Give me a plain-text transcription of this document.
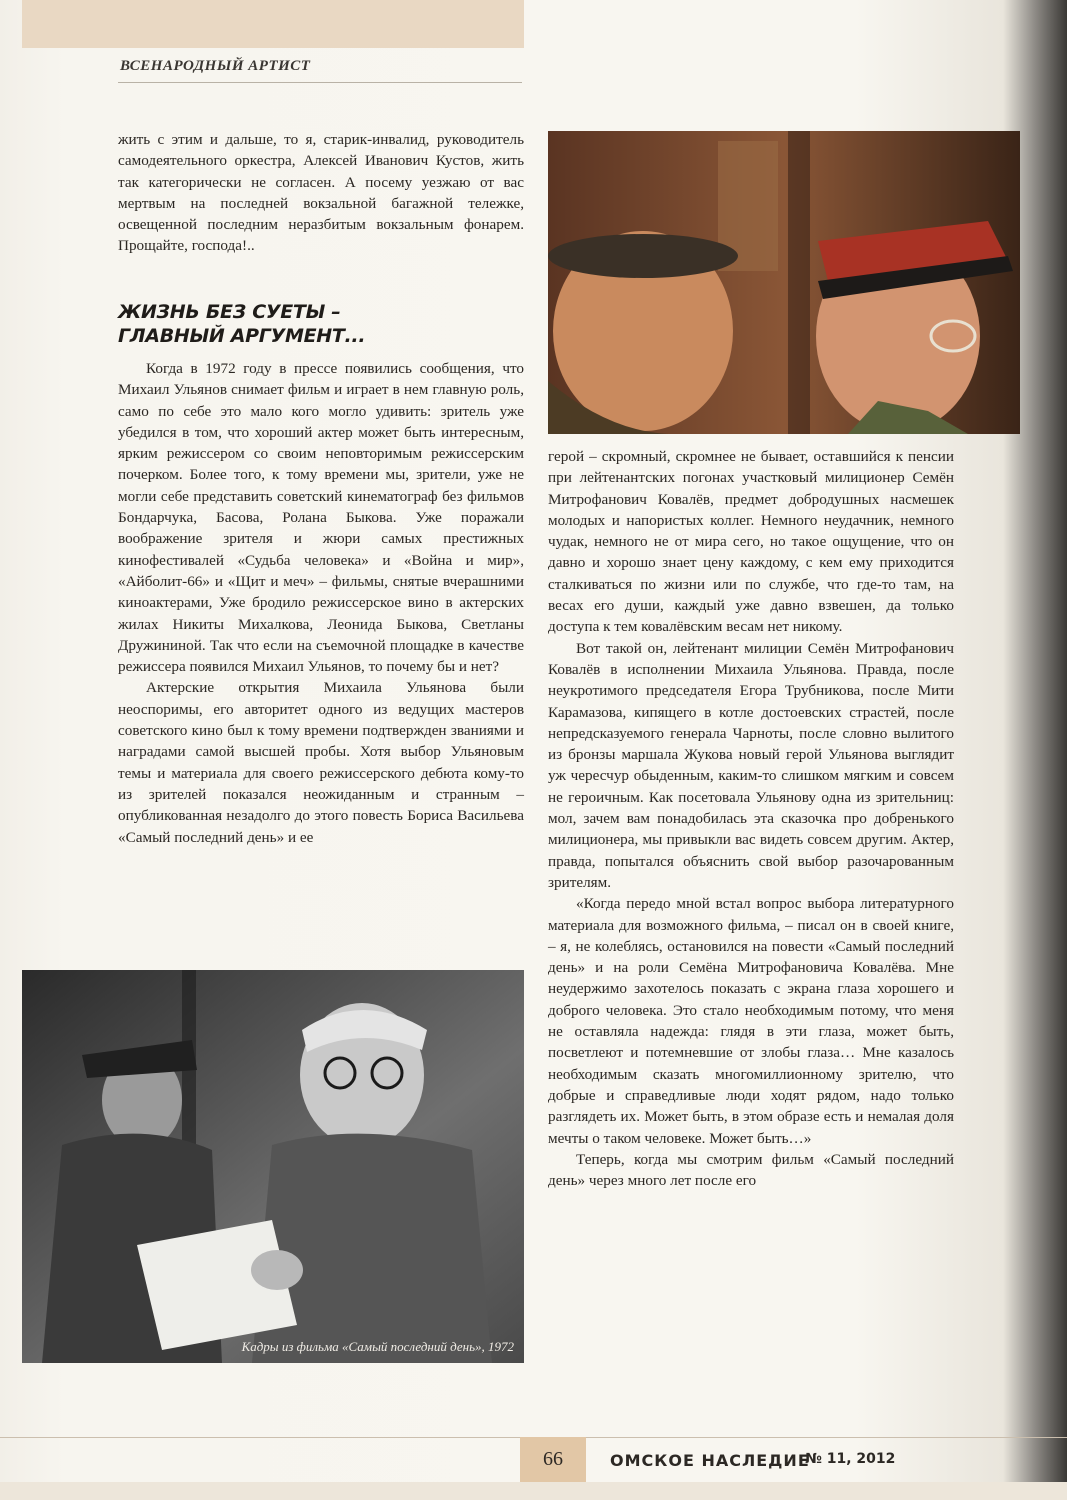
ВСЕНАРОДНЫЙ АРТИСТ

жить с этим и дальше, то я, старик-инвалид, руководитель самодеятельного оркестра, Алексей Иванович Кустов, жить так категорически не согласен. А посему уезжаю от вас мертвым на последней вокзальной багажной тележке, освещенной последним неразбитым вокзальным фонарем. Прощайте, господа!..

ЖИЗНЬ БЕЗ СУЕТЫ –
ГЛАВНЫЙ АРГУМЕНТ...

Когда в 1972 году в прессе появились сообщения, что Михаил Ульянов снимает фильм и играет в нем главную роль, само по себе это мало кого могло удивить: зритель уже убедился в том, что хороший актер может быть интересным, ярким режиссером со своим неповторимым режиссерским почерком. Более того, к тому времени мы, зрители, уже не могли себе представить советский кинематограф без фильмов Бондарчука, Басова, Ролана Быкова. Уже поражали воображение зрителя и жюри самых престижных кинофестивалей «Судьба человека» и «Война и мир», «Айболит-66» и «Щит и меч» – фильмы, снятые вчерашними киноактерами, Уже бродило режиссерское вино в актерских жилах Никиты Михалкова, Леонида Быкова, Светланы Дружининой. Так что если на съемочной площадке в качестве режиссера появился Михаил Ульянов, то почему бы и нет?

Актерские открытия Михаила Ульянова были неоспоримы, его авторитет одного из ведущих мастеров советского кино был к тому времени подтвержден званиями и наградами самой высшей пробы. Хотя выбор Ульяновым темы и материала для своего режиссерского дебюта кому-то из зрителей показался неожиданным и странным – опубликованная незадолго до этого повесть Бориса Васильева «Самый последний день» и ее

герой – скромный, скромнее не бывает, оставшийся к пенсии при лейтенантских погонах участковый милиционер Семён Митрофанович Ковалёв, предмет добродушных насмешек молодых и напористых коллег. Немного неудачник, немного чудак, немного не от мира сего, но такое ощущение, что он давно и хорошо знает цену каждому, с кем ему приходится сталкиваться по жизни или по службе, что где-то там, на весах его души, каждый уже давно взвешен, да только доступа к тем ковалёвским весам нет никому.

Вот такой он, лейтенант милиции Семён Митрофанович Ковалёв в исполнении Михаила Ульянова. Правда, после неукротимого председателя Егора Трубникова, после Мити Карамазова, кипящего в котле достоевских страстей, после непредсказуемого генерала Чарноты, после словно вылитого из бронзы маршала Жукова новый герой Ульянова выглядит уж чересчур обыденным, каким-то слишком мягким и совсем не героичным. Как посетовала Ульянову одна из зрительниц: мол, зачем вам понадобилась эта сказочка про добренького милиционера, мы привыкли вас видеть совсем другим. Актер, правда, попытался объяснить свой выбор разочарованным зрителям.

«Когда передо мной встал вопрос выбора литературного материала для возможного фильма, – писал он в своей книге, – я, не колеблясь, остановился на повести «Самый последний день» и на роли Семёна Митрофановича Ковалёва. Мне неудержимо захотелось показать с экрана глаза хорошего и доброго человека. Это стало необходимым потому, что меня не оставляла надежда: глядя в эти глаза, может быть, посветлеют и потемневшие от злобы глаза… Мне казалось необходимым сказать многомиллионному зрителю, что добрые и справедливые люди ходят рядом, надо только разглядеть их. Может быть, в этом образе есть и немалая доля мечты о таком человеке. Может быть…»

Теперь, когда мы смотрим фильм «Самый последний день» через много лет после его

Кадры из фильма «Самый последний день», 1972
66	ОМСКОЕ НАСЛЕДИЕ
№ 11, 2012
